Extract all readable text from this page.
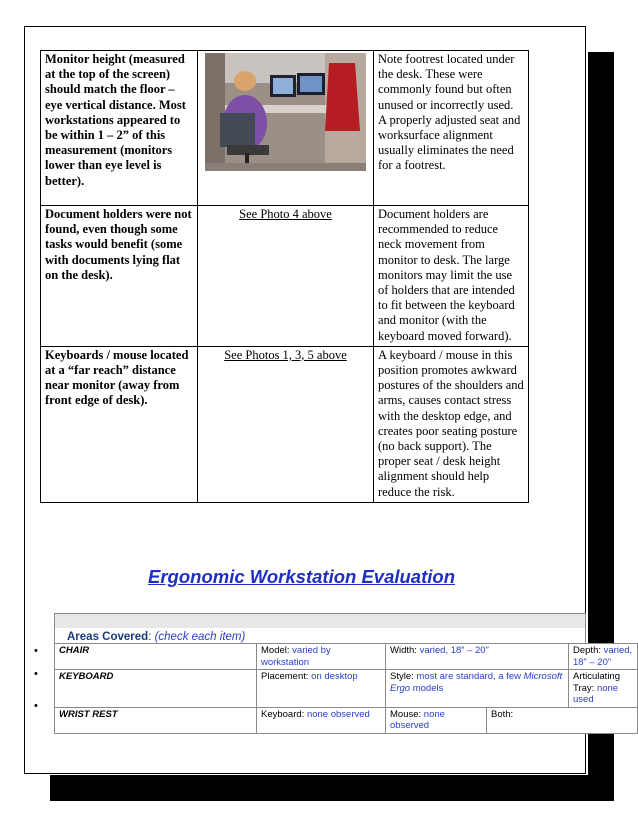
Monitor height (measured at the top of the screen) should match the floor – eye vertical distance. Most workstations appeared to be within 1 – 2” of this measurement (monitors lower than eye level is better).		Note footrest located under the desk. These were commonly found but often unused or incorrectly used. A properly adjusted seat and worksurface alignment usually eliminates the need for a footrest.
Document holders were not found, even though some tasks would benefit (some with documents lying flat on the desk).	See Photo 4 above	Document holders are recommended to reduce neck movement from monitor to desk. The large monitors may limit the use of holders that are intended to fit between the keyboard and monitor (with the keyboard moved forward).
Keyboards / mouse located at a “far reach” distance near monitor (away from front edge of desk).	See Photos 1, 3, 5 above	A keyboard / mouse in this position promotes awkward postures of the shoulders and arms, causes contact stress with the desktop edge, and creates poor seating posture (no back support). The proper seat / desk height alignment should help reduce the risk.
Ergonomic Workstation Evaluation
Areas Covered: (check each item)
•
•
•
CHAIR	Model: varied by workstation	Width: varied, 18” – 20”		Depth: varied, 18” – 20”
KEYBOARD	Placement: on desktop	Style: most are standard, a few Microsoft Ergo models		Articulating Tray: none used
WRIST REST	Keyboard: none observed	Mouse: none observed	Both:	
